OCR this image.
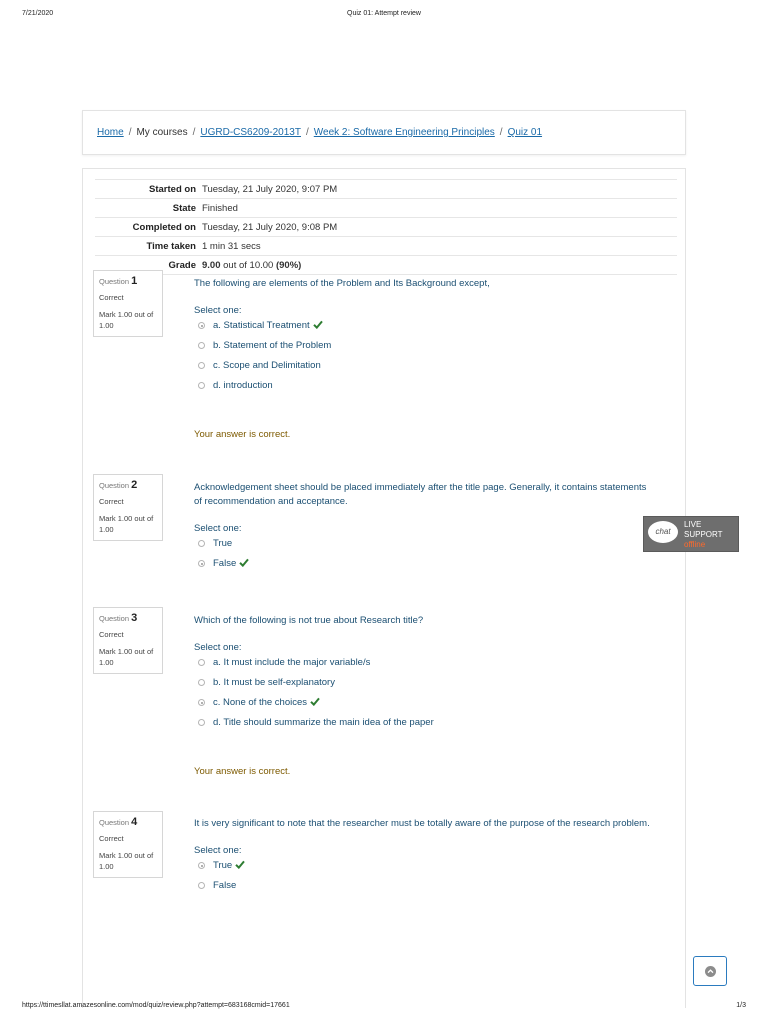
7/21/2020	Quiz 01: Attempt review
Home / My courses / UGRD-CS6209-2013T / Week 2: Software Engineering Principles / Quiz 01
Started on	Tuesday, 21 July 2020, 9:07 PM
State	Finished
Completed on	Tuesday, 21 July 2020, 9:08 PM
Time taken	1 min 31 secs
Grade	9.00 out of 10.00 (90%)
Question 1
Correct
Mark 1.00 out of 1.00
The following are elements of the Problem and Its Background except,
Select one:
a. Statistical Treatment
b. Statement of the Problem
c. Scope and Delimitation
d. introduction
Your answer is correct.
Question 2
Correct
Mark 1.00 out of 1.00
Acknowledgement sheet should be placed immediately after the title page. Generally, it contains statements of recommendation and acceptance.
Select one:
True
False
Question 3
Correct
Mark 1.00 out of 1.00
Which of the following is not true about Research title?
Select one:
a. It must include the major variable/s
b. It must be self-explanatory
c. None of the choices
d. Title should summarize the main idea of the paper
Your answer is correct.
Question 4
Correct
Mark 1.00 out of 1.00
It is very significant to note that the researcher must be totally aware of the purpose of the research problem.
Select one:
True
False
chat
LIVE
SUPPORT
offline
https://ttimesllat.amazesonline.com/mod/quiz/review.php?attempt=683168cmid=17661	1/3
